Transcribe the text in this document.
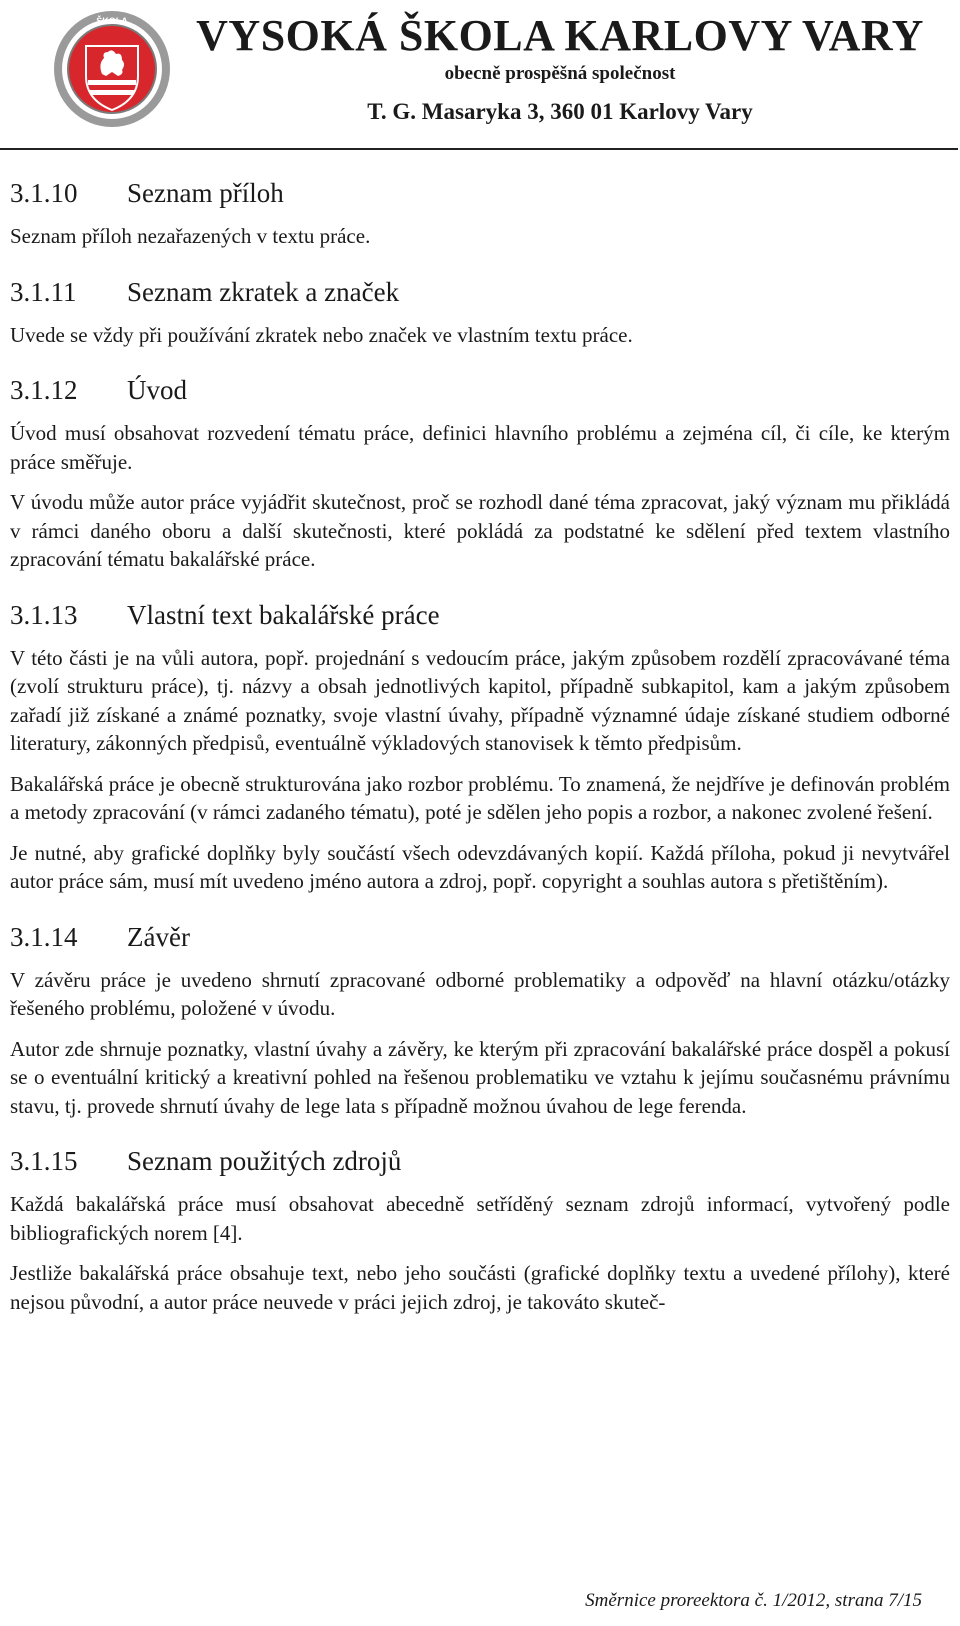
ŠKOLA VYSOKÁ ŠKOLA KARLOVY VARY
obecně prospěšná společnost
T. G. Masaryka 3, 360 01 Karlovy Vary
3.1.10	Seznam příloh

Seznam příloh nezařazených v textu práce.

3.1.11	Seznam zkratek a značek

Uvede se vždy při používání zkratek nebo značek ve vlastním textu práce.

3.1.12	Úvod

Úvod musí obsahovat rozvedení tématu práce, definici hlavního problému a zejména cíl, či cíle, ke kterým práce směřuje.

V úvodu může autor práce vyjádřit skutečnost, proč se rozhodl dané téma zpracovat, jaký význam mu přikládá v rámci daného oboru a další skutečnosti, které pokládá za podstatné ke sdělení před textem vlastního zpracování tématu bakalářské práce.

3.1.13	Vlastní text bakalářské práce

V této části je na vůli autora, popř. projednání s vedoucím práce, jakým způsobem rozdělí zpracovávané téma (zvolí strukturu práce), tj. názvy a obsah jednotlivých kapitol, případně subkapitol, kam a jakým způsobem zařadí již získané a známé poznatky, svoje vlastní úvahy, případně významné údaje získané studiem odborné literatury, zákonných předpisů, eventuálně výkladových stanovisek k těmto předpisům.

Bakalářská práce je obecně strukturována jako rozbor problému. To znamená, že nejdříve je definován problém a metody zpracování (v rámci zadaného tématu), poté je sdělen jeho popis a rozbor, a nakonec zvolené řešení.

Je nutné, aby grafické doplňky byly součástí všech odevzdávaných kopií. Každá příloha, pokud ji nevytvářel autor práce sám, musí mít uvedeno jméno autora a zdroj, popř. copyright a souhlas autora s přetištěním).

3.1.14	Závěr

V závěru práce je uvedeno shrnutí zpracované odborné problematiky a odpověď na hlavní otázku/otázky řešeného problému, položené v úvodu.

Autor zde shrnuje poznatky, vlastní úvahy a závěry, ke kterým při zpracování bakalářské práce dospěl a pokusí se o eventuální kritický a kreativní pohled na řešenou problematiku ve vztahu k jejímu současnému právnímu stavu, tj. provede shrnutí úvahy de lege lata s případně možnou úvahou de lege ferenda.

3.1.15	Seznam použitých zdrojů

Každá bakalářská práce musí obsahovat abecedně setříděný seznam zdrojů informací, vytvořený podle bibliografických norem [4].

Jestliže bakalářská práce obsahuje text, nebo jeho součásti (grafické doplňky textu a uvedené přílohy), které nejsou původní, a autor práce neuvede v práci jejich zdroj, je takováto skuteč-

Směrnice proreektora č. 1/2012, strana 7/15
